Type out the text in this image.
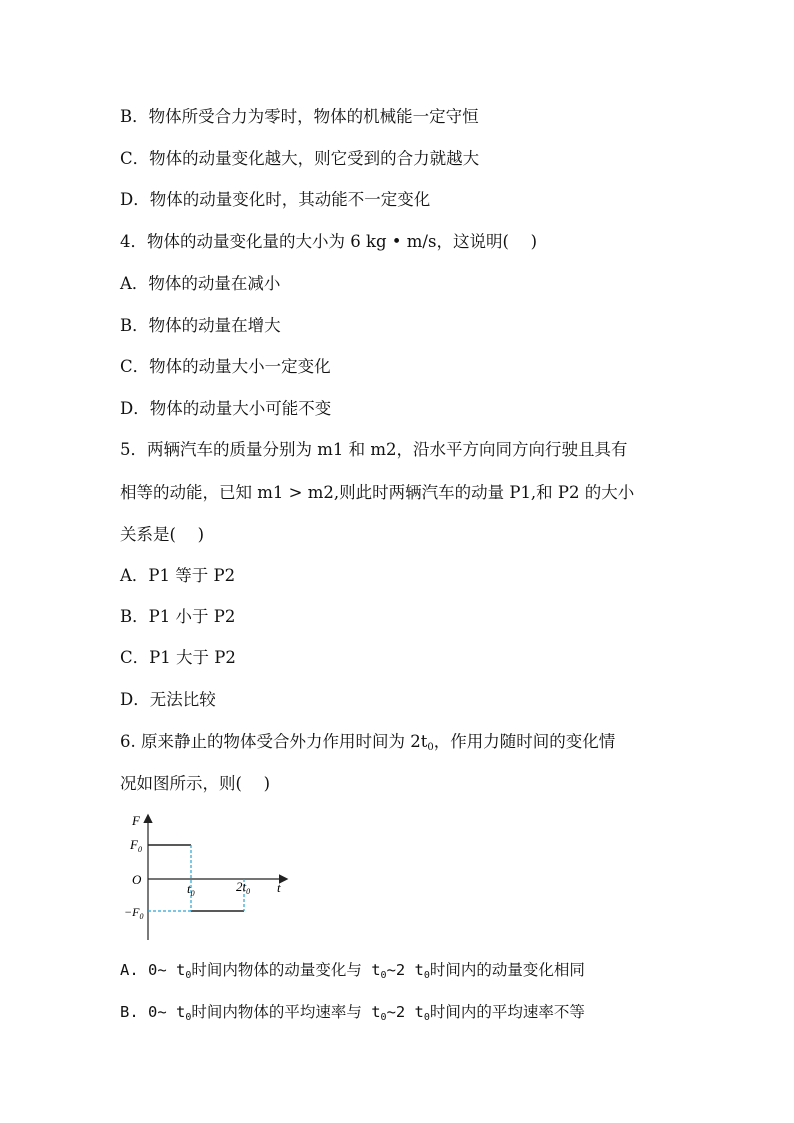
B．物体所受合力为零时，物体的机械能一定守恒
C．物体的动量变化越大，则它受到的合力就越大
D．物体的动量变化时，其动能不一定变化
4．物体的动量变化量的大小为 6 kg • m/s，这说明(　 )
A．物体的动量在减小
B．物体的动量在增大
C．物体的动量大小一定变化
D．物体的动量大小可能不变
5．两辆汽车的质量分别为 m1 和 m2，沿水平方向同方向行驶且具有
相等的动能，已知 m1 > m2,则此时两辆汽车的动量 P1,和 P2 的大小
关系是(　 )
A．P1 等于 P2
B．P1 小于 P2
C．P1 大于 P2
D．无法比较
6. 原来静止的物体受合外力作用时间为 $2t_0$，作用力随时间的变化情
况如图所示，则(　 )
F
t
O
$F_0$
$-F_0$
$t_0$	$2t_0$
A. 0~ $t_0$时间内物体的动量变化与 $t_0\sim 2$ $t_0$时间内的动量变化相同
B. 0~ $t_0$时间内物体的平均速率与 $t_0\sim 2$ $t_0$时间内的平均速率不等
